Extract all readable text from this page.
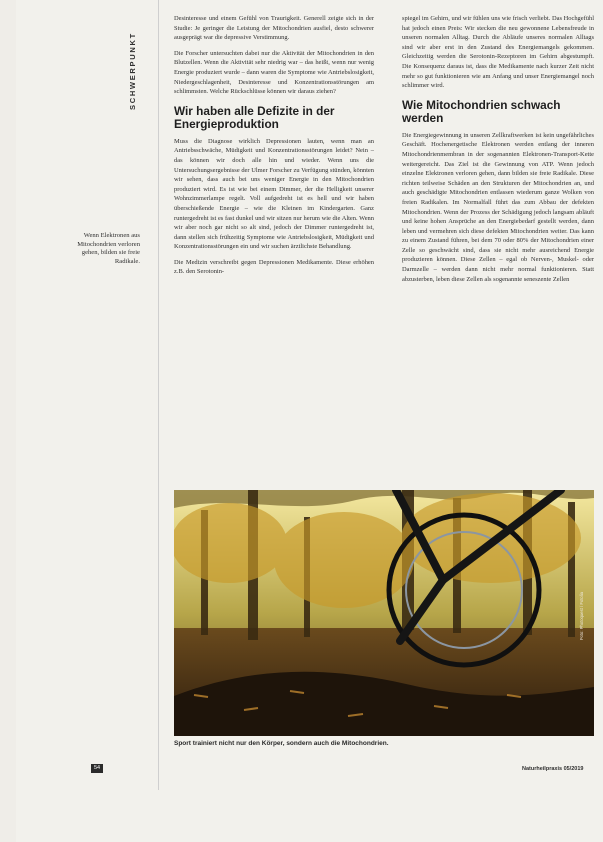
SCHWERPUNKT
Wenn Elektronen aus Mitochondrien verloren gehen, bilden sie freie Radikale.

Desinteresse und einem Gefühl von Traurigkeit. Generell zeigte sich in der Studie: Je geringer die Leistung der Mitochondrien ausfiel, desto schwerer ausgeprägt war die depressive Verstimmung.

Die Forscher untersuchten dabei nur die Aktivität der Mitochondrien in den Blutzellen. Wenn die Aktivität sehr niedrig war – das heißt, wenn nur wenig Energie produziert wurde – dann waren die Symptome wie Antriebslosigkeit, Niedergeschlagenheit, Desinteresse und Konzentrationsstörungen am schlimmsten. Welche Rückschlüsse können wir daraus ziehen?

Wir haben alle Defizite in der Energieproduktion

Muss die Diagnose wirklich Depressionen lauten, wenn man an Antriebsschwäche, Müdigkeit und Konzentrationsstörungen leidet? Nein – das können wir doch alle hin und wieder. Wenn uns die Untersuchungsergebnisse der Ulmer Forscher zu Verfügung stünden, könnten wir sehen, dass auch bei uns weniger Energie in den Mitochondrien produziert wird. Es ist wie bei einem Dimmer, der die Helligkeit unserer Wohnzimmerlampe regelt. Voll aufgedreht ist es hell und wir haben überschießende Energie – wie die Kleinen im Kindergarten. Ganz runtergedreht ist es fast dunkel und wir sitzen nur herum wie die Alten. Wenn wir aber noch gar nicht so alt sind, jedoch der Dimmer runtergedreht ist, dann stellen sich frühzeitig Symptome wie Antriebslosigkeit, Müdigkeit und Konzentrationsstörungen ein und wir suchen ärztlichste Behandlung.

Die Medizin verschreibt gegen Depressionen Medikamente. Diese erhöhen z.B. den Serotonin-

spiegel im Gehirn, und wir fühlen uns wie frisch verliebt. Das Hochgefühl hat jedoch einen Preis: Wir stecken die neu gewonnene Lebensfreude in unseren normalen Alltag. Durch die Abläufe unseres normalen Alltags sind wir aber erst in den Zustand des Energiemangels gekommen. Gleichzeitig werden die Serotonin-Rezeptoren im Gehirn abgestumpft. Die Konsequenz daraus ist, dass die Medikamente nach kurzer Zeit nicht mehr so gut funktionieren wie am Anfang und unser Energiemangel noch schlimmer wird.

Wie Mitochondrien schwach werden

Die Energiegewinnung in unseren Zellkraftwerken ist kein ungefährliches Geschäft. Hochenergetische Elektronen werden entlang der inneren Mitochondrienmembran in der sogenannten Elektronen-Transport-Kette weitergereicht. Das Ziel ist die Gewinnung von ATP. Wenn jedoch einzelne Elektronen verloren gehen, dann bilden sie freie Radikale. Diese richten teilweise Schäden an den Strukturen der Mitochondrien an, und auch geschädigte Mitochondrien entlassen wiederum ganze Wolken von freien Radikalen. Im Normalfall führt das zum Abbau der defekten Mitochondrien. Wenn der Prozess der Schädigung jedoch langsam abläuft und keine hohen Ansprüche an den Energiebedarf gestellt werden, dann leben und vermehren sich diese defekten Mitochondrien weiter. Das kann zu einem Zustand führen, bei dem 70 oder 80% der Mitochondrien einer Zelle so geschwächt sind, dass sie nicht mehr ausreichend Energie produzieren können. Diese Zellen – egal ob Nerven-, Muskel- oder Darmzelle – werden dann nicht mehr normal funktionieren. Statt abzusterben, leben diese Zellen als sogenannte seneszente Zellen

Foto: Photoquest / Fotolia
Sport trainiert nicht nur den Körper, sondern auch die Mitochondrien.
54	Naturheilpraxis 05/2019
